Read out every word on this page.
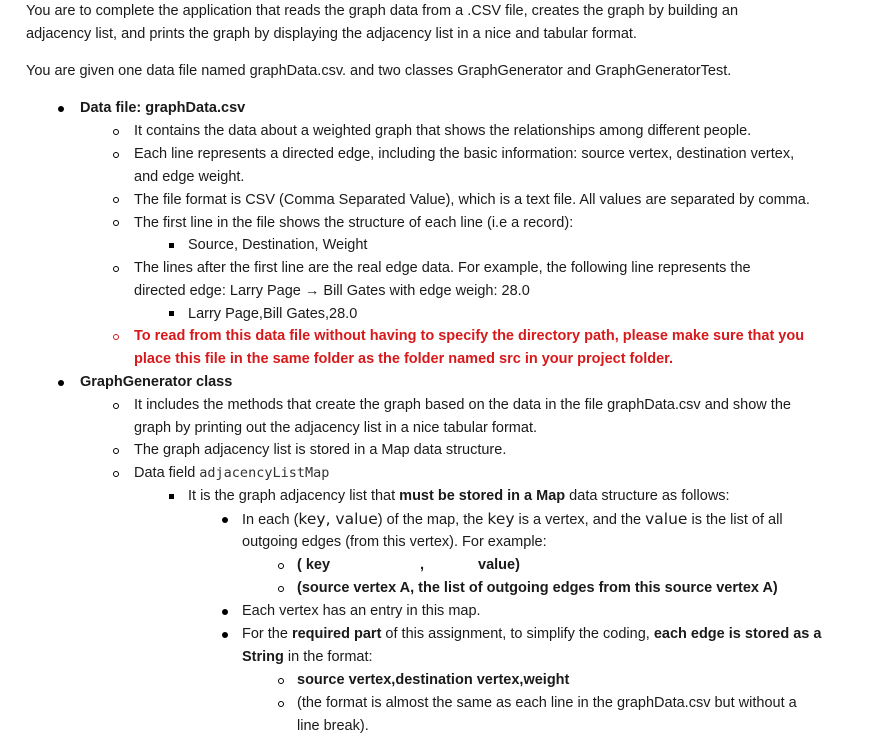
You are to complete the application that reads the graph data from a .CSV file, creates the graph by building an
adjacency list, and prints the graph by displaying the adjacency list in a nice and tabular format.
You are given one data file named graphData.csv. and two classes GraphGenerator and GraphGeneratorTest.
Data file: graphData.csv
It contains the data about a weighted graph that shows the relationships among different people.
Each line represents a directed edge, including the basic information: source vertex, destination vertex,
and edge weight.
The file format is CSV (Comma Separated Value), which is a text file. All values are separated by comma.
The first line in the file shows the structure of each line (i.e a record):
Source, Destination, Weight
The lines after the first line are the real edge data. For example, the following line represents the
directed edge: Larry Page → Bill Gates with edge weigh: 28.0
Larry Page,Bill Gates,28.0
To read from this data file without having to specify the directory path, please make sure that you
place this file in the same folder as the folder named src in your project folder.
GraphGenerator class
It includes the methods that create the graph based on the data in the file graphData.csv and show the
graph by printing out the adjacency list in a nice tabular format.
The graph adjacency list is stored in a Map data structure.
Data field adjacencyListMap
It is the graph adjacency list that must be stored in a Map data structure as follows:
In each (key, value) of the map, the key is a vertex, and the value is the list of all
outgoing edges (from this vertex). For example:
( key	,	value)
(source vertex A, the list of outgoing edges from this source vertex A)
Each vertex has an entry in this map.
For the required part of this assignment, to simplify the coding, each edge is stored as a
String in the format:
source vertex,destination vertex,weight
(the format is almost the same as each line in the graphData.csv but without a
line break).
